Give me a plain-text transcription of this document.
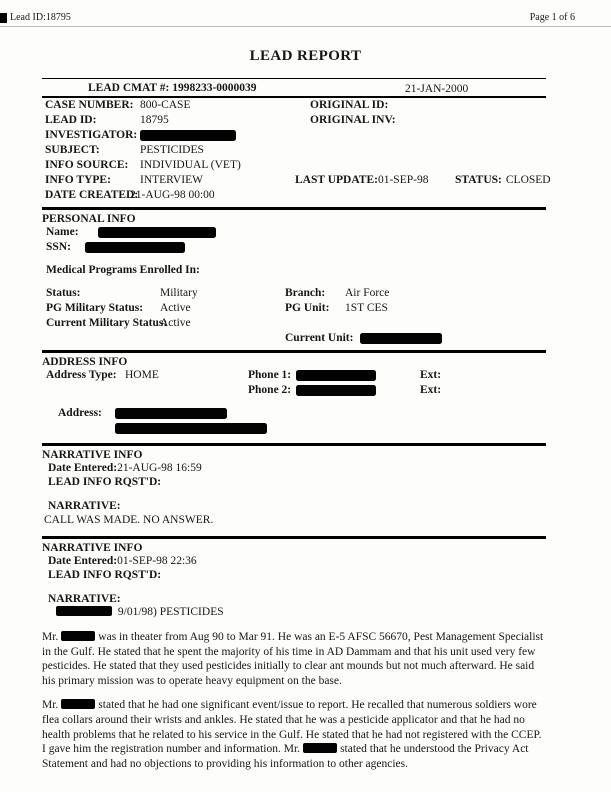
Lead ID:18795	Page 1 of 6
LEAD REPORT
LEAD CMAT #: 1998233-0000039	21-JAN-2000
CASE NUMBER: 800-CASE	ORIGINAL ID:
LEAD ID:	18795	ORIGINAL INV:
INVESTIGATOR:
SUBJECT:	PESTICIDES
INFO SOURCE: INDIVIDUAL (VET)
INFO TYPE:	INTERVIEW	LAST UPDATE:01-SEP-98 STATUS: CLOSED
DATE CREATED:
21-AUG-98 00:00
PERSONAL INFO
Name:
SSN:
Medical Programs Enrolled In:
Status:	Military	Branch: Air Force
PG Military Status: Active	PG Unit: 1ST CES
Current Military Status:
Active
Current Unit:
ADDRESS INFO
Address Type: HOME	Phone 1:	Ext:
Phone 2:	Ext:
Address:
NARRATIVE INFO
Date Entered:21-AUG-98 16:59
LEAD INFO RQST'D:
NARRATIVE:
CALL WAS MADE. NO ANSWER.
NARRATIVE INFO
Date Entered:01-SEP-98 22:36
LEAD INFO RQST'D:
NARRATIVE:
9/01/98) PESTICIDES

Mr.	was in theater from Aug 90 to Mar 91. He was an E-5 AFSC 56670, Pest Management Specialist in the Gulf. He stated that he spent the majority of his time in AD Dammam and that his unit used very few pesticides. He stated that they used pesticides initially to clear ant mounds but not much afterward. He said his primary mission was to operate heavy equipment on the base.

Mr.	stated that he had one significant event/issue to report. He recalled that numerous soldiers wore flea collars around their wrists and ankles. He stated that he was a pesticide applicator and that he had no health problems that he related to his service in the Gulf. He stated that he had not registered with the CCEP. I gave him the registration number and information. Mr.	stated that he understood the Privacy Act Statement and had no objections to providing his information to other agencies.
